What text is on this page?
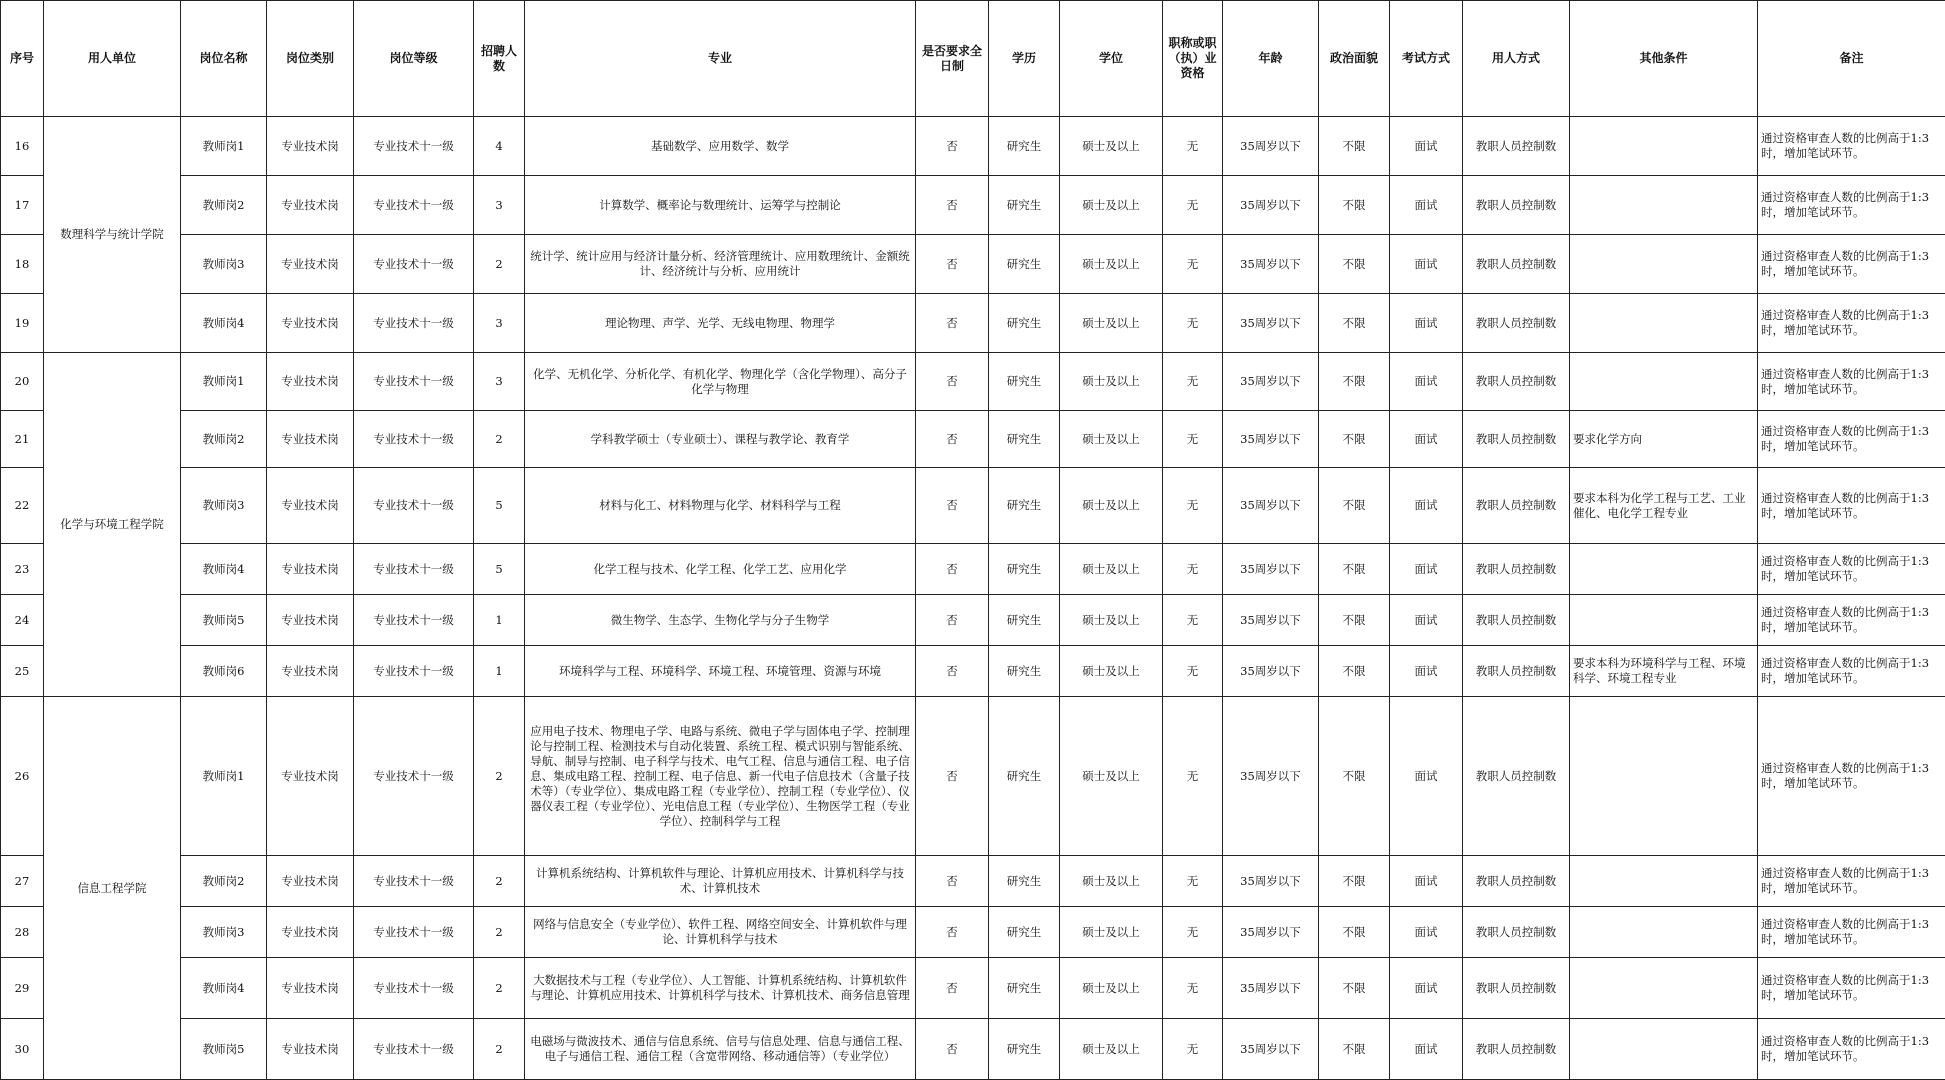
序号	用人单位	岗位名称	岗位类别	岗位等级	招聘人数	专业	是否要求全日制	学历	学位	职称或职（执）业资格	年龄	政治面貌	考试方式	用人方式	其他条件	备注
16	数理科学与统计学院	教师岗1	专业技术岗	专业技术十一级	4	基础数学、应用数学、数学	否	研究生	硕士及以上	无	35周岁以下	不限	面试	教职人员控制数		通过资格审查人数的比例高于1:3时，增加笔试环节。
17		教师岗2	专业技术岗	专业技术十一级	3	计算数学、概率论与数理统计、运筹学与控制论	否	研究生	硕士及以上	无	35周岁以下	不限	面试	教职人员控制数		通过资格审查人数的比例高于1:3时，增加笔试环节。
18		教师岗3	专业技术岗	专业技术十一级	2	统计学、统计应用与经济计量分析、经济管理统计、应用数理统计、金额统计、经济统计与分析、应用统计	否	研究生	硕士及以上	无	35周岁以下	不限	面试	教职人员控制数		通过资格审查人数的比例高于1:3时，增加笔试环节。
19		教师岗4	专业技术岗	专业技术十一级	3	理论物理、声学、光学、无线电物理、物理学	否	研究生	硕士及以上	无	35周岁以下	不限	面试	教职人员控制数		通过资格审查人数的比例高于1:3时，增加笔试环节。
20	化学与环境工程学院	教师岗1	专业技术岗	专业技术十一级	3	化学、无机化学、分析化学、有机化学、物理化学（含化学物理）、高分子化学与物理	否	研究生	硕士及以上	无	35周岁以下	不限	面试	教职人员控制数		通过资格审查人数的比例高于1:3时，增加笔试环节。
21		教师岗2	专业技术岗	专业技术十一级	2	学科教学硕士（专业硕士）、课程与教学论、教育学	否	研究生	硕士及以上	无	35周岁以下	不限	面试	教职人员控制数	要求化学方向	通过资格审查人数的比例高于1:3时，增加笔试环节。
22		教师岗3	专业技术岗	专业技术十一级	5	材料与化工、材料物理与化学、材料科学与工程	否	研究生	硕士及以上	无	35周岁以下	不限	面试	教职人员控制数	要求本科为化学工程与工艺、工业催化、电化学工程专业	通过资格审查人数的比例高于1:3时，增加笔试环节。
23		教师岗4	专业技术岗	专业技术十一级	5	化学工程与技术、化学工程、化学工艺、应用化学	否	研究生	硕士及以上	无	35周岁以下	不限	面试	教职人员控制数		通过资格审查人数的比例高于1:3时，增加笔试环节。
24		教师岗5	专业技术岗	专业技术十一级	1	微生物学、生态学、生物化学与分子生物学	否	研究生	硕士及以上	无	35周岁以下	不限	面试	教职人员控制数		通过资格审查人数的比例高于1:3时，增加笔试环节。
25		教师岗6	专业技术岗	专业技术十一级	1	环境科学与工程、环境科学、环境工程、环境管理、资源与环境	否	研究生	硕士及以上	无	35周岁以下	不限	面试	教职人员控制数	要求本科为环境科学与工程、环境科学、环境工程专业	通过资格审查人数的比例高于1:3时，增加笔试环节。
26	信息工程学院	教师岗1	专业技术岗	专业技术十一级	2	应用电子技术、物理电子学、电路与系统、微电子学与固体电子学、控制理论与控制工程、检测技术与自动化装置、系统工程、模式识别与智能系统、导航、制导与控制、电子科学与技术、电气工程、信息与通信工程、电子信息、集成电路工程、控制工程、电子信息、新一代电子信息技术（含量子技术等）（专业学位）、集成电路工程（专业学位）、控制工程（专业学位）、仪器仪表工程（专业学位）、光电信息工程（专业学位）、生物医学工程（专业学位）、控制科学与工程	否	研究生	硕士及以上	无	35周岁以下	不限	面试	教职人员控制数		通过资格审查人数的比例高于1:3时，增加笔试环节。
27		教师岗2	专业技术岗	专业技术十一级	2	计算机系统结构、计算机软件与理论、计算机应用技术、计算机科学与技术、计算机技术	否	研究生	硕士及以上	无	35周岁以下	不限	面试	教职人员控制数		通过资格审查人数的比例高于1:3时，增加笔试环节。
28		教师岗3	专业技术岗	专业技术十一级	2	网络与信息安全（专业学位）、软件工程、网络空间安全、计算机软件与理论、计算机科学与技术	否	研究生	硕士及以上	无	35周岁以下	不限	面试	教职人员控制数		通过资格审查人数的比例高于1:3时，增加笔试环节。
29		教师岗4	专业技术岗	专业技术十一级	2	大数据技术与工程（专业学位）、人工智能、计算机系统结构、计算机软件与理论、计算机应用技术、计算机科学与技术、计算机技术、商务信息管理	否	研究生	硕士及以上	无	35周岁以下	不限	面试	教职人员控制数		通过资格审查人数的比例高于1:3时，增加笔试环节。
30		教师岗5	专业技术岗	专业技术十一级	2	电磁场与微波技术、通信与信息系统、信号与信息处理、信息与通信工程、电子与通信工程、通信工程（含宽带网络、移动通信等）（专业学位）	否	研究生	硕士及以上	无	35周岁以下	不限	面试	教职人员控制数		通过资格审查人数的比例高于1:3时，增加笔试环节。
